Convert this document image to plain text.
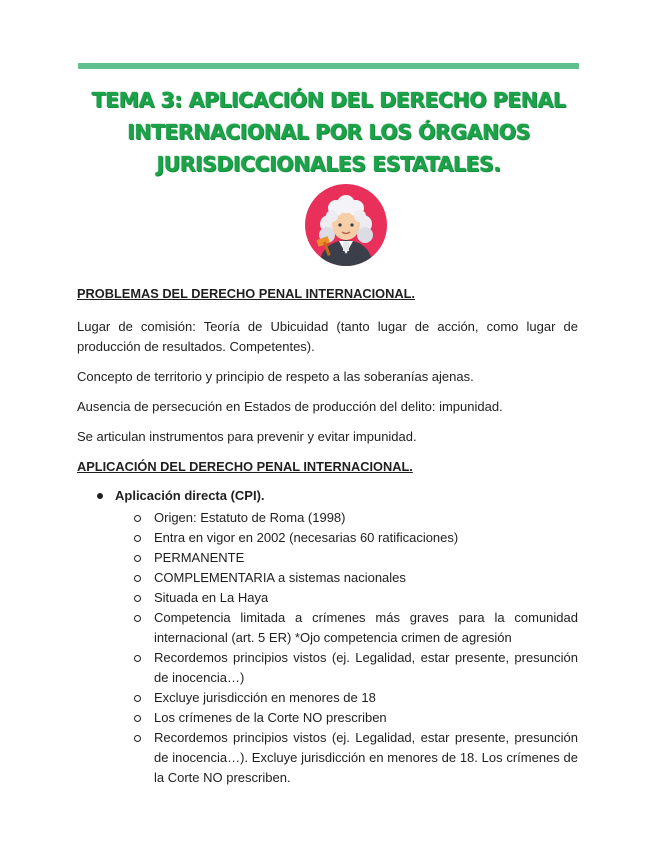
TEMA 3: APLICACIÓN DEL DERECHO PENAL
INTERNACIONAL POR LOS ÓRGANOS
JURISDICCIONALES ESTATALES.

PROBLEMAS DEL DERECHO PENAL INTERNACIONAL.

Lugar de comisión: Teoría de Ubicuidad (tanto lugar de acción, como lugar de producción de resultados. Competentes).

Concepto de territorio y principio de respeto a las soberanías ajenas.

Ausencia de persecución en Estados de producción del delito: impunidad.

Se articulan instrumentos para prevenir y evitar impunidad.

APLICACIÓN DEL DERECHO PENAL INTERNACIONAL.

Aplicación directa (CPI).
Origen: Estatuto de Roma (1998)
Entra en vigor en 2002 (necesarias 60 ratificaciones)
PERMANENTE
COMPLEMENTARIA a sistemas nacionales
Situada en La Haya
Competencia limitada a crímenes más graves para la comunidad internacional (art. 5 ER) *Ojo competencia crimen de agresión
Recordemos principios vistos (ej. Legalidad, estar presente, presunción de inocencia…)
Excluye jurisdicción en menores de 18
Los crímenes de la Corte NO prescriben
Recordemos principios vistos (ej. Legalidad, estar presente, presunción de inocencia…). Excluye jurisdicción en menores de 18. Los crímenes de la Corte NO prescriben.
